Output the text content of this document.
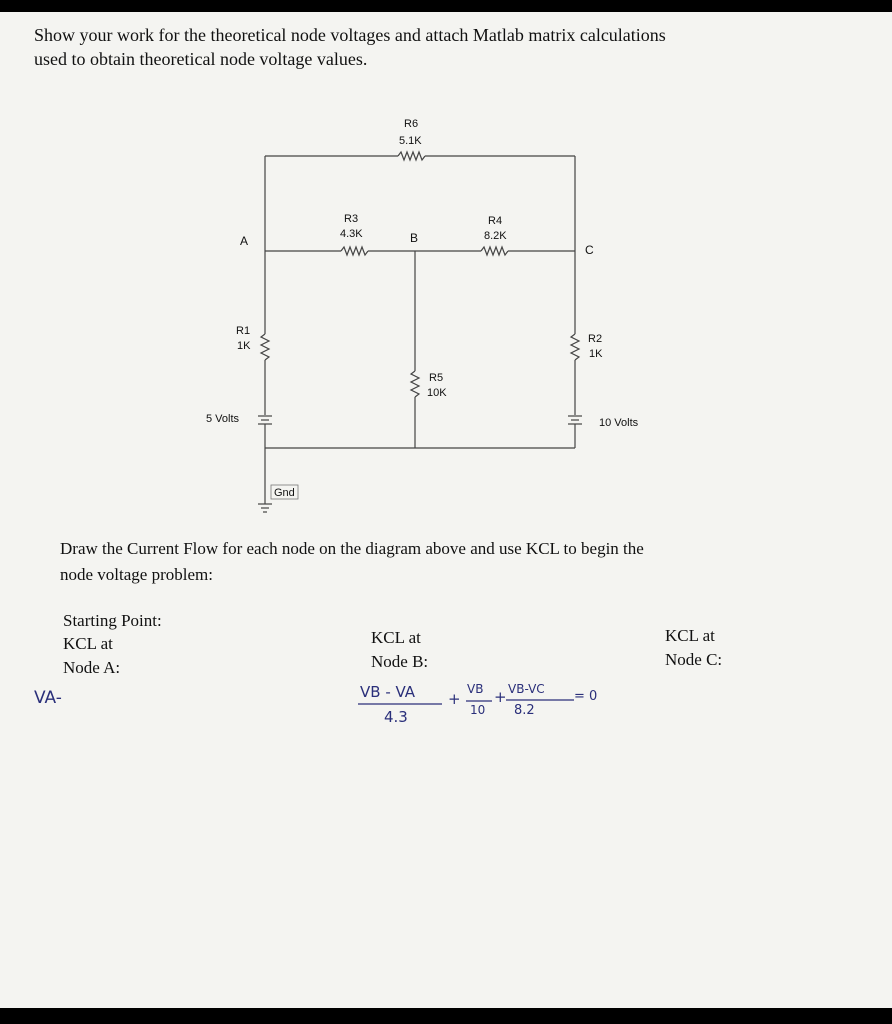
Show your work for the theoretical node voltages and attach Matlab matrix calculations
used to obtain theoretical node voltage values.
R6
5.1K
R3
4.3K
R4
8.2K
R1
1K
R2
1K
R5
10K
A	B
C
5 Volts	10 Volts
Gnd
Draw the Current Flow for each node on the diagram above and use KCL to begin the
node voltage problem:
Starting Point:
KCL at
Node A:
KCL at
Node B:
KCL at
Node C:
VA-	VB - VA
4.3
+
VB
10
+ VB-VC
8.2
= 0
